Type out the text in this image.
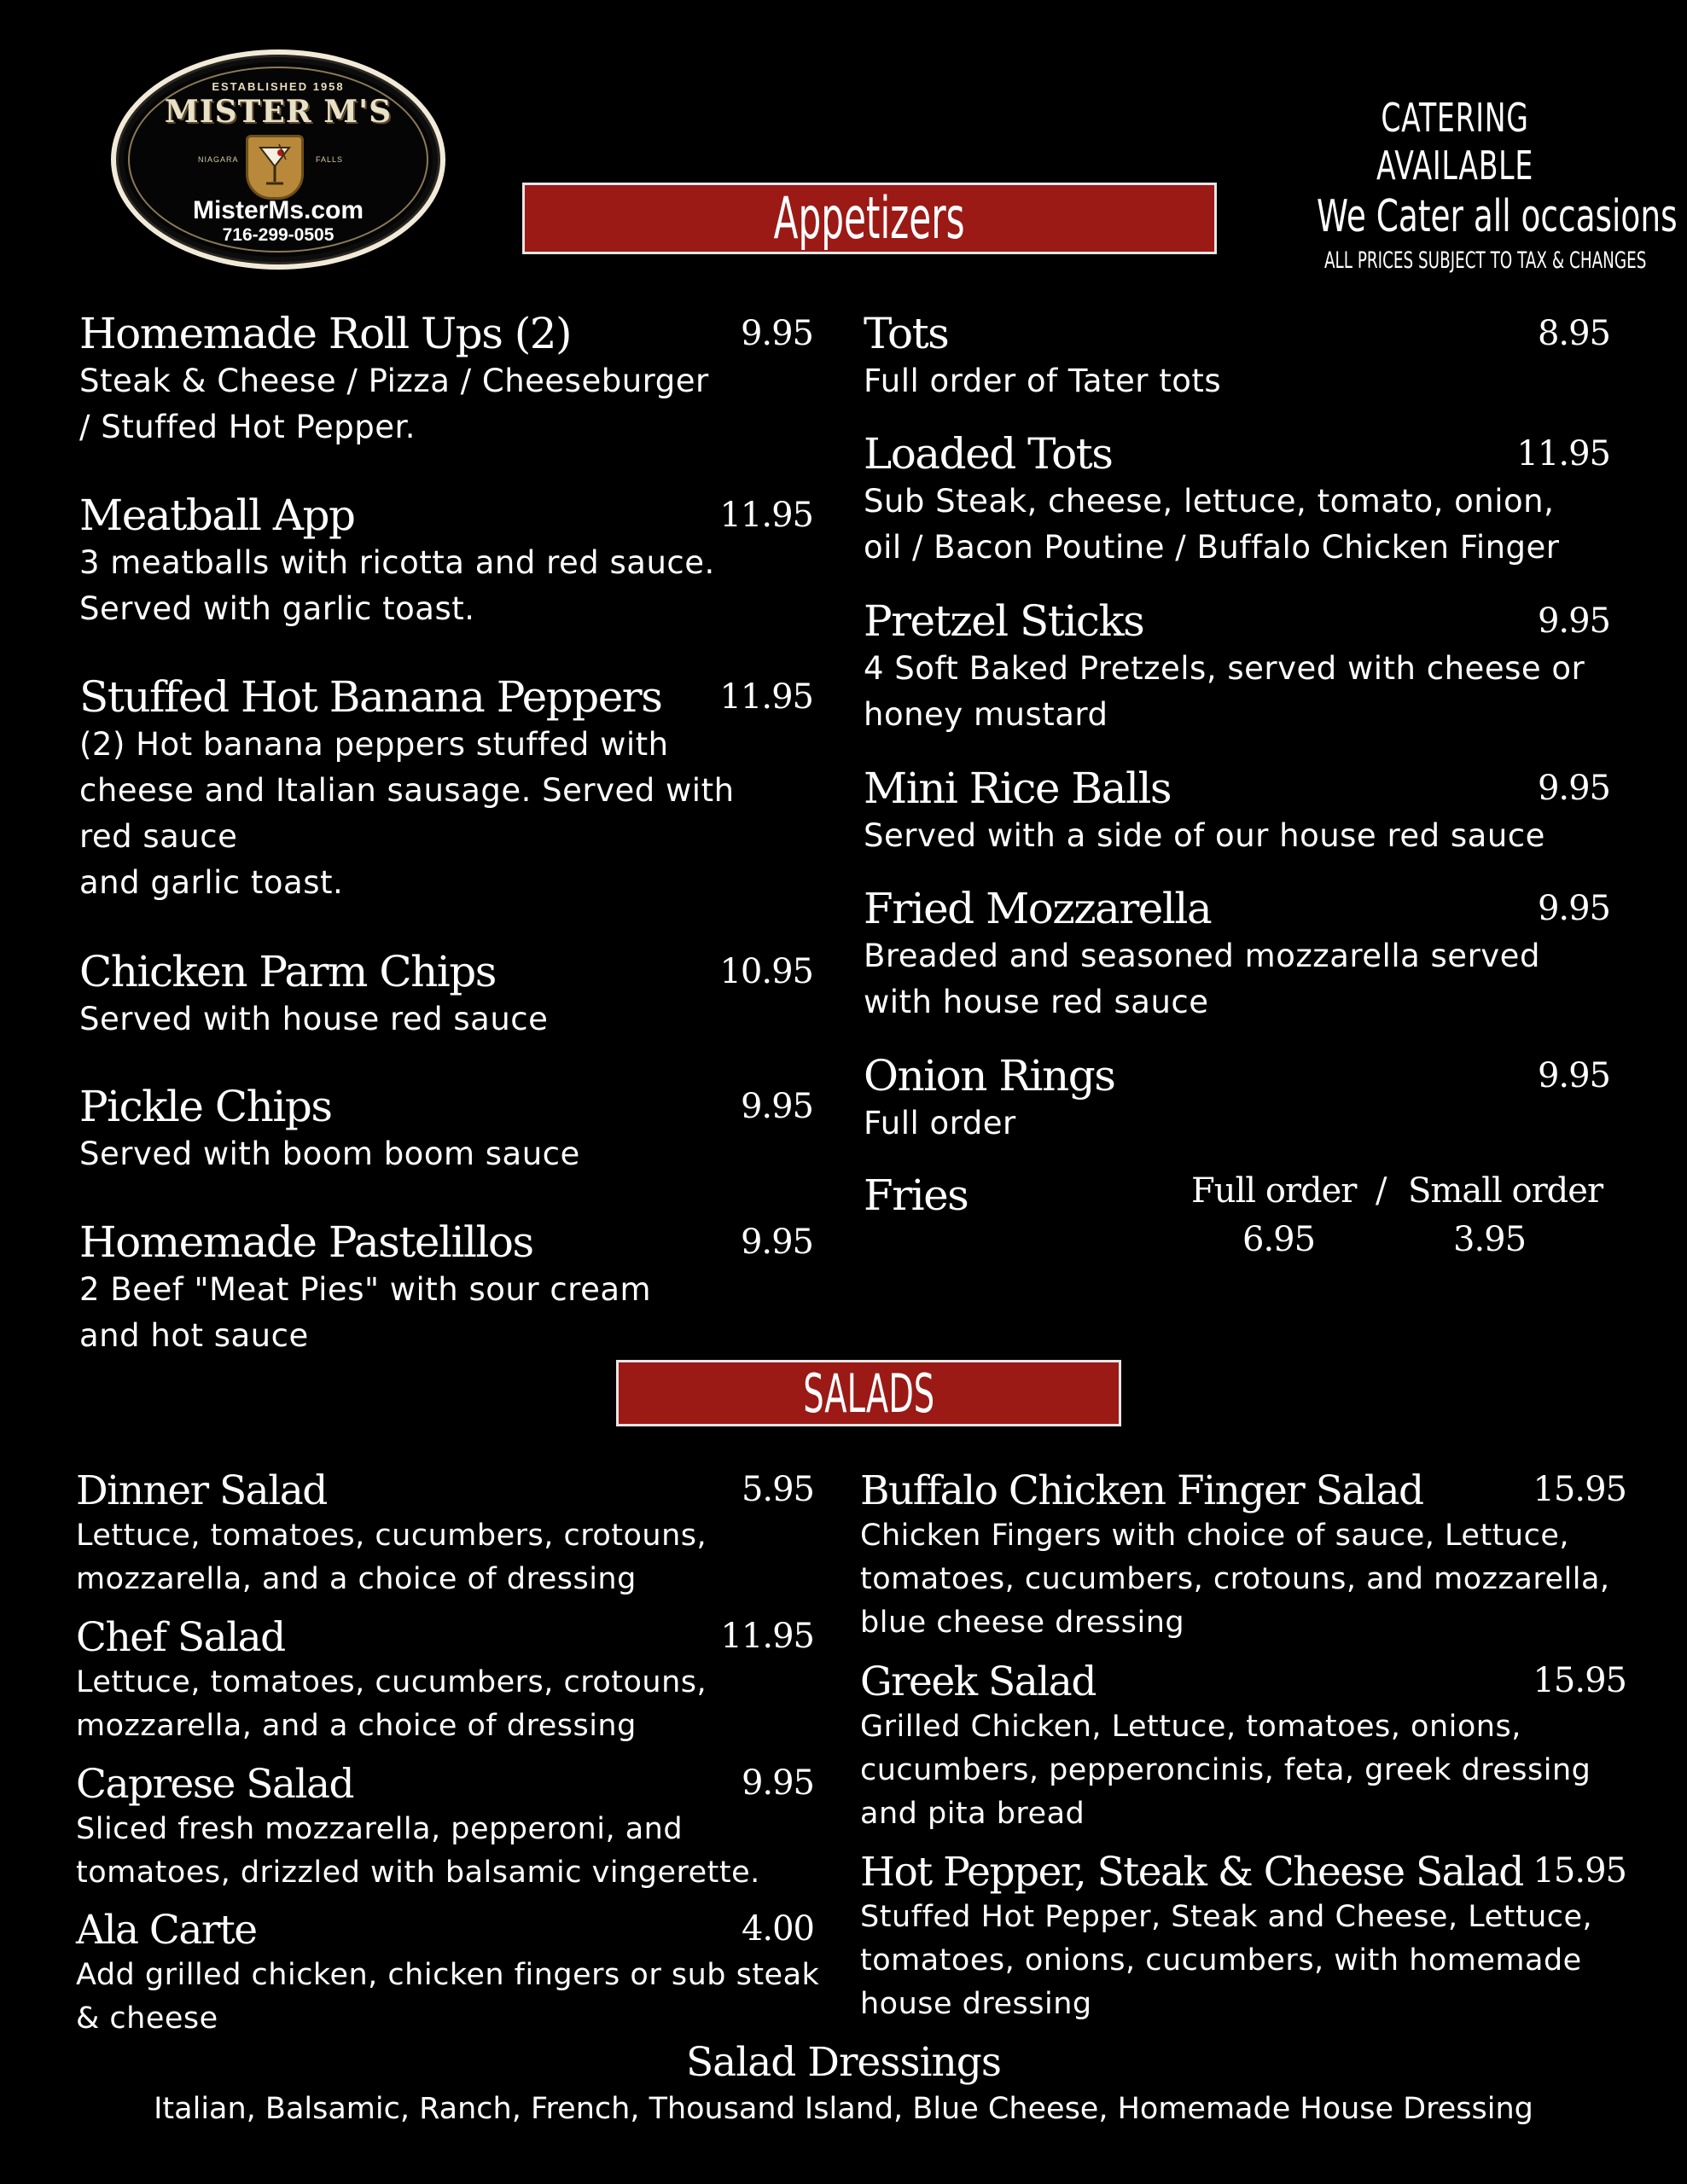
ESTABLISHED 1958
MISTER M'S
NIAGARA	FALLS
MisterMs.com
716-299-0505
CATERING AVAILABLE
We Cater all occasions
ALL PRICES SUBJECT TO TAX & CHANGES
Appetizers
Homemade Roll Ups (2)	9.95
Steak & Cheese / Pizza / Cheeseburger
/ Stuffed Hot Pepper.
Meatball App	11.95
3 meatballs with ricotta and red sauce.
Served with garlic toast.
Stuffed Hot Banana Peppers	11.95
(2) Hot banana peppers stuffed with
cheese and Italian sausage. Served with
red sauce
and garlic toast.
Chicken Parm Chips	10.95
Served with house red sauce
Pickle Chips	9.95
Served with boom boom sauce
Homemade Pastelillos	9.95
2 Beef "Meat Pies" with sour cream
and hot sauce
Tots	8.95
Full order of Tater tots
Loaded Tots	11.95
Sub Steak, cheese, lettuce, tomato, onion,
oil / Bacon Poutine / Buffalo Chicken Finger
Pretzel Sticks	9.95
4 Soft Baked Pretzels, served with cheese or
honey mustard
Mini Rice Balls	9.95
Served with a side of our house red sauce
Fried Mozzarella	9.95
Breaded and seasoned mozzarella served
with house red sauce
Onion Rings	9.95
Full order
Fries	Full order / Small order
6.95	3.95
SALADS
Dinner Salad	5.95
Lettuce, tomatoes, cucumbers, crotouns,
mozzarella, and a choice of dressing
Chef Salad	11.95
Lettuce, tomatoes, cucumbers, crotouns,
mozzarella, and a choice of dressing
Caprese Salad	9.95
Sliced fresh mozzarella, pepperoni, and
tomatoes, drizzled with balsamic vingerette.
Ala Carte	4.00
Add grilled chicken, chicken fingers or sub steak
& cheese
Buffalo Chicken Finger Salad	15.95
Chicken Fingers with choice of sauce, Lettuce,
tomatoes, cucumbers, crotouns, and mozzarella,
blue cheese dressing
Greek Salad	15.95
Grilled Chicken, Lettuce, tomatoes, onions,
cucumbers, pepperoncinis, feta, greek dressing
and pita bread
Hot Pepper, Steak & Cheese Salad 15.95
Stuffed Hot Pepper, Steak and Cheese, Lettuce,
tomatoes, onions, cucumbers, with homemade
house dressing
Salad Dressings
Italian, Balsamic, Ranch, French, Thousand Island, Blue Cheese, Homemade House Dressing
